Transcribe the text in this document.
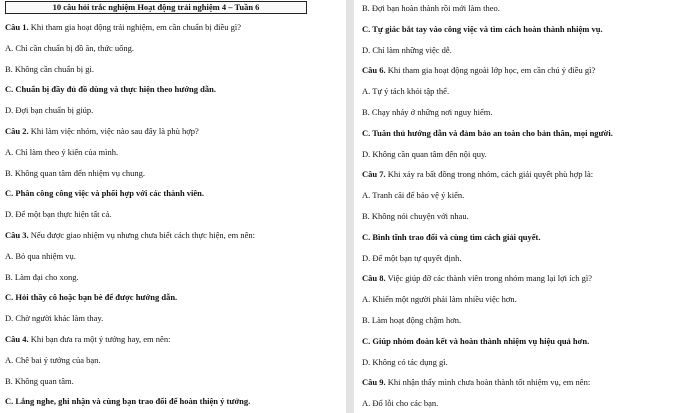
10 câu hỏi trắc nghiệm Hoạt động trải nghiệm 4 – Tuần 6
Câu 1. Khi tham gia hoạt động trải nghiệm, em cần chuẩn bị điều gì?
A. Chỉ cần chuẩn bị đồ ăn, thức uống.
B. Không cần chuẩn bị gì.
C. Chuẩn bị đầy đủ đồ dùng và thực hiện theo hướng dẫn.
D. Đợi bạn chuẩn bị giúp.
Câu 2. Khi làm việc nhóm, việc nào sau đây là phù hợp?
A. Chỉ làm theo ý kiến của mình.
B. Không quan tâm đến nhiệm vụ chung.
C. Phân công công việc và phối hợp với các thành viên.
D. Để một bạn thực hiện tất cả.
Câu 3. Nếu được giao nhiệm vụ nhưng chưa biết cách thực hiện, em nên:
A. Bỏ qua nhiệm vụ.
B. Làm đại cho xong.
C. Hỏi thầy cô hoặc bạn bè để được hướng dẫn.
D. Chờ người khác làm thay.
Câu 4. Khi bạn đưa ra một ý tưởng hay, em nên:
A. Chê bai ý tưởng của bạn.
B. Không quan tâm.
C. Lắng nghe, ghi nhận và cùng bạn trao đổi để hoàn thiện ý tưởng.
B. Đợi bạn hoàn thành rồi mới làm theo.
C. Tự giác bắt tay vào công việc và tìm cách hoàn thành nhiệm vụ.
D. Chỉ làm những việc dễ.
Câu 6. Khi tham gia hoạt động ngoài lớp học, em cần chú ý điều gì?
A. Tự ý tách khỏi tập thể.
B. Chạy nhảy ở những nơi nguy hiểm.
C. Tuân thủ hướng dẫn và đảm bảo an toàn cho bản thân, mọi người.
D. Không cần quan tâm đến nội quy.
Câu 7. Khi xảy ra bất đồng trong nhóm, cách giải quyết phù hợp là:
A. Tranh cãi để bảo vệ ý kiến.
B. Không nói chuyện với nhau.
C. Bình tĩnh trao đổi và cùng tìm cách giải quyết.
D. Để một bạn tự quyết định.
Câu 8. Việc giúp đỡ các thành viên trong nhóm mang lại lợi ích gì?
A. Khiến một người phải làm nhiều việc hơn.
B. Làm hoạt động chậm hơn.
C. Giúp nhóm đoàn kết và hoàn thành nhiệm vụ hiệu quả hơn.
D. Không có tác dụng gì.
Câu 9. Khi nhận thấy mình chưa hoàn thành tốt nhiệm vụ, em nên:
A. Đổ lỗi cho các bạn.
